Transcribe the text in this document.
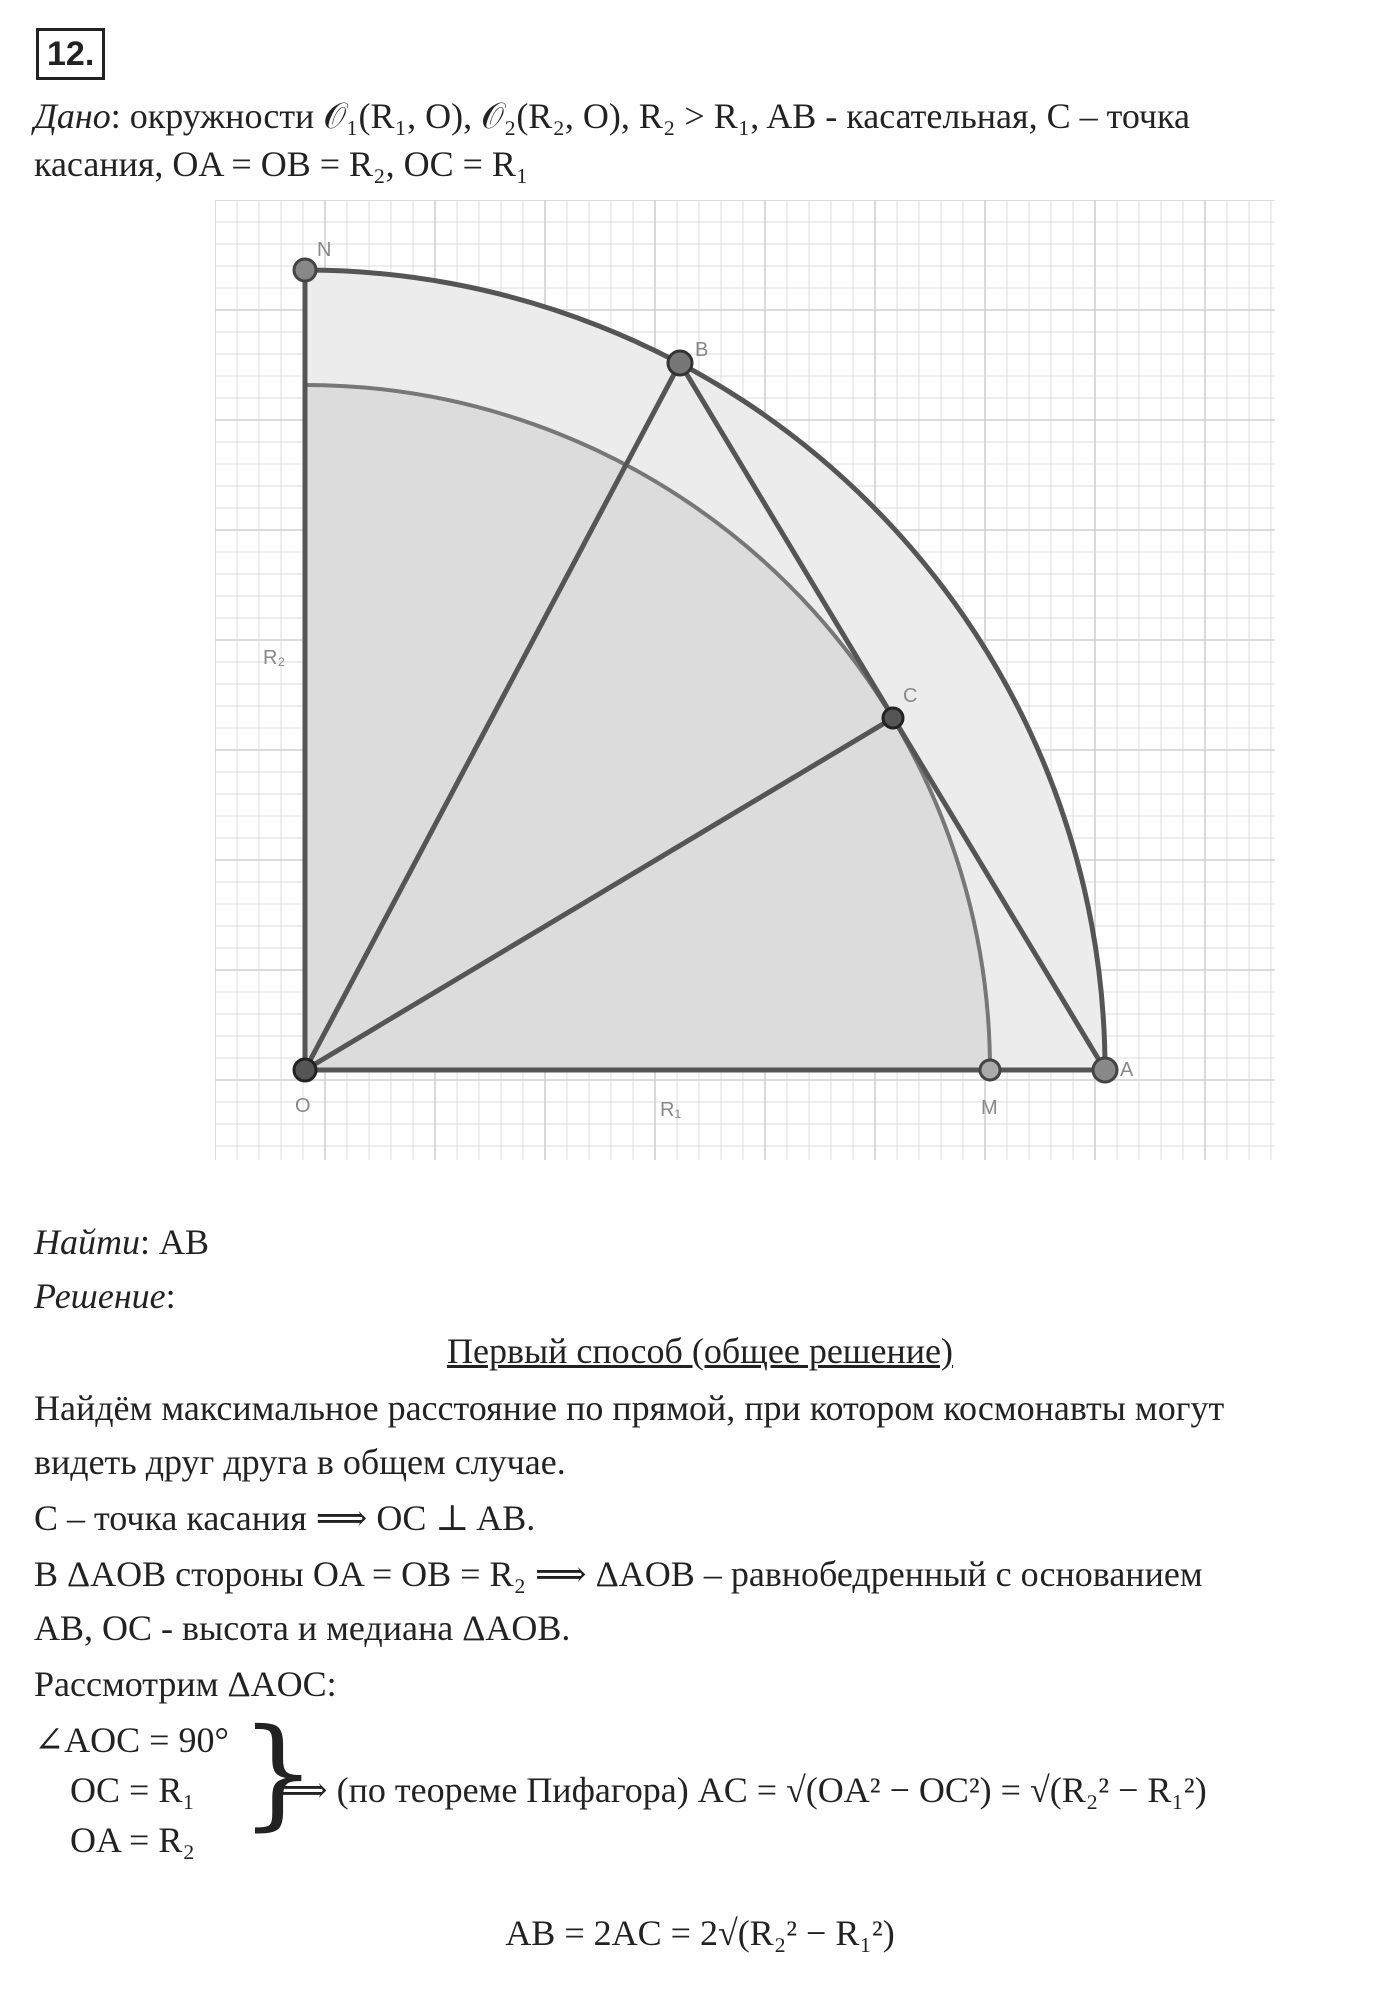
12.
Дано: окружности 𝒪₁(R₁, O), 𝒪₂(R₂, O), R₂ > R₁, AB - касательная, C – точка
касания, OA = OB = R₂, OC = R₁
N
B
C
O	M
A
R₂
R₁
Найти: AB
Решение:
Первый способ (общее решение)
Найдём максимальное расстояние по прямой, при котором космонавты могут
видеть друг друга в общем случае.
C – точка касания ⟹ OC ⊥ AB.
В ΔAOB стороны OA = OB = R₂ ⟹ ΔAOB – равнобедренный с основанием
AB, OC - высота и медиана ΔAOB.
Рассмотрим ΔAOC:
∠AOC = 90°
OC = R₁
OA = R₂ }
⟹ (по теореме Пифагора) AC = √(OA² − OC²) = √(R₂² − R₁²)
AB = 2AC = 2√(R₂² − R₁²)
